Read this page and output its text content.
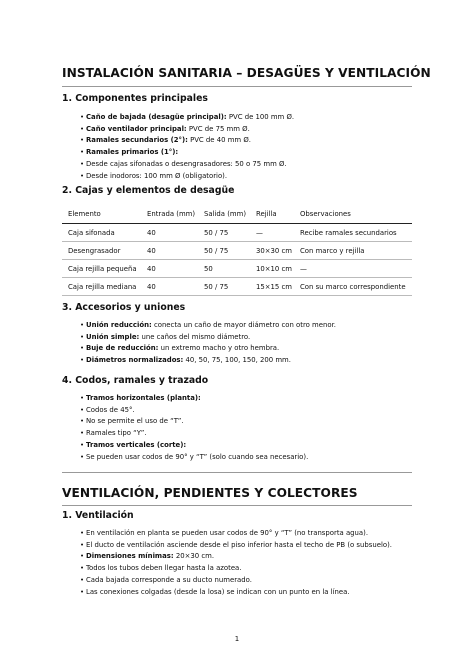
INSTALACIÓN SANITARIA – DESAGÜES Y VENTILACIÓN
1. Componentes principales
• Caño de bajada (desagüe principal): PVC de 100 mm Ø.
• Caño ventilador principal: PVC de 75 mm Ø.
• Ramales secundarios (2°): PVC de 40 mm Ø.
• Ramales primarios (1°):
• Desde cajas sifonadas o desengrasadores: 50 o 75 mm Ø.
• Desde inodoros: 100 mm Ø (obligatorio).
2. Cajas y elementos de desagüe
Elemento	Entrada (mm)	Salida (mm)	Rejilla	Observaciones
Caja sifonada	40	50 / 75	—	Recibe ramales secundarios
Desengrasador	40	50 / 75	30×30 cm	Con marco y rejilla
Caja rejilla pequeña	40	50	10×10 cm	—
Caja rejilla mediana	40	50 / 75	15×15 cm	Con su marco correspondiente
3. Accesorios y uniones
• Unión reducción: conecta un caño de mayor diámetro con otro menor.
• Unión simple: une caños del mismo diámetro.
• Buje de reducción: un extremo macho y otro hembra.
• Diámetros normalizados: 40, 50, 75, 100, 150, 200 mm.
4. Codos, ramales y trazado
• Tramos horizontales (planta):
• Codos de 45°.
• No se permite el uso de “T”.
• Ramales tipo “Y”.
• Tramos verticales (corte):
• Se pueden usar codos de 90° y “T” (solo cuando sea necesario).
VENTILACIÓN, PENDIENTES Y COLECTORES
1. Ventilación
• En ventilación en planta se pueden usar codos de 90° y “T” (no transporta agua).
• El ducto de ventilación asciende desde el piso inferior hasta el techo de PB (o subsuelo).
• Dimensiones mínimas: 20×30 cm.
• Todos los tubos deben llegar hasta la azotea.
• Cada bajada corresponde a su ducto numerado.
• Las conexiones colgadas (desde la losa) se indican con un punto en la línea.
1
